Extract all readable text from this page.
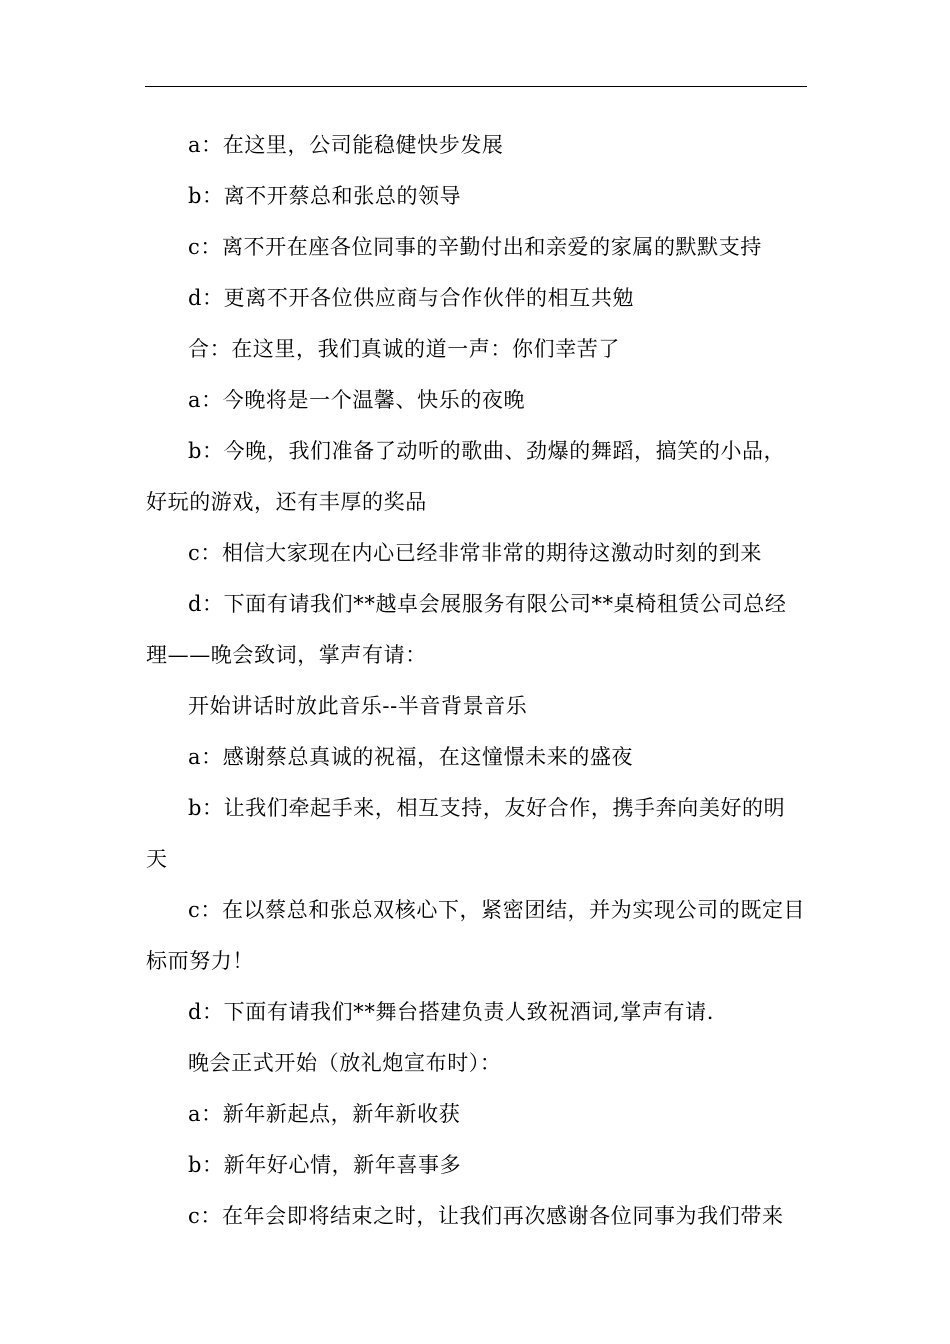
a：在这里，公司能稳健快步发展

b：离不开蔡总和张总的领导

c：离不开在座各位同事的辛勤付出和亲爱的家属的默默支持

d：更离不开各位供应商与合作伙伴的相互共勉

合：在这里，我们真诚的道一声：你们幸苦了

a：今晚将是一个温馨、快乐的夜晚

b：今晚，我们准备了动听的歌曲、劲爆的舞蹈，搞笑的小品，好玩的游戏，还有丰厚的奖品

c：相信大家现在内心已经非常非常的期待这激动时刻的到来

d：下面有请我们**越卓会展服务有限公司**桌椅租赁公司总经理——晚会致词，掌声有请：

开始讲话时放此音乐--半音背景音乐

a：感谢蔡总真诚的祝福，在这憧憬未来的盛夜

b：让我们牵起手来，相互支持，友好合作，携手奔向美好的明天

c：在以蔡总和张总双核心下，紧密团结，并为实现公司的既定目标而努力！

d：下面有请我们**舞台搭建负责人致祝酒词,掌声有请.

晚会正式开始（放礼炮宣布时）：

a：新年新起点，新年新收获

b：新年好心情，新年喜事多

c：在年会即将结束之时，让我们再次感谢各位同事为我们带来
